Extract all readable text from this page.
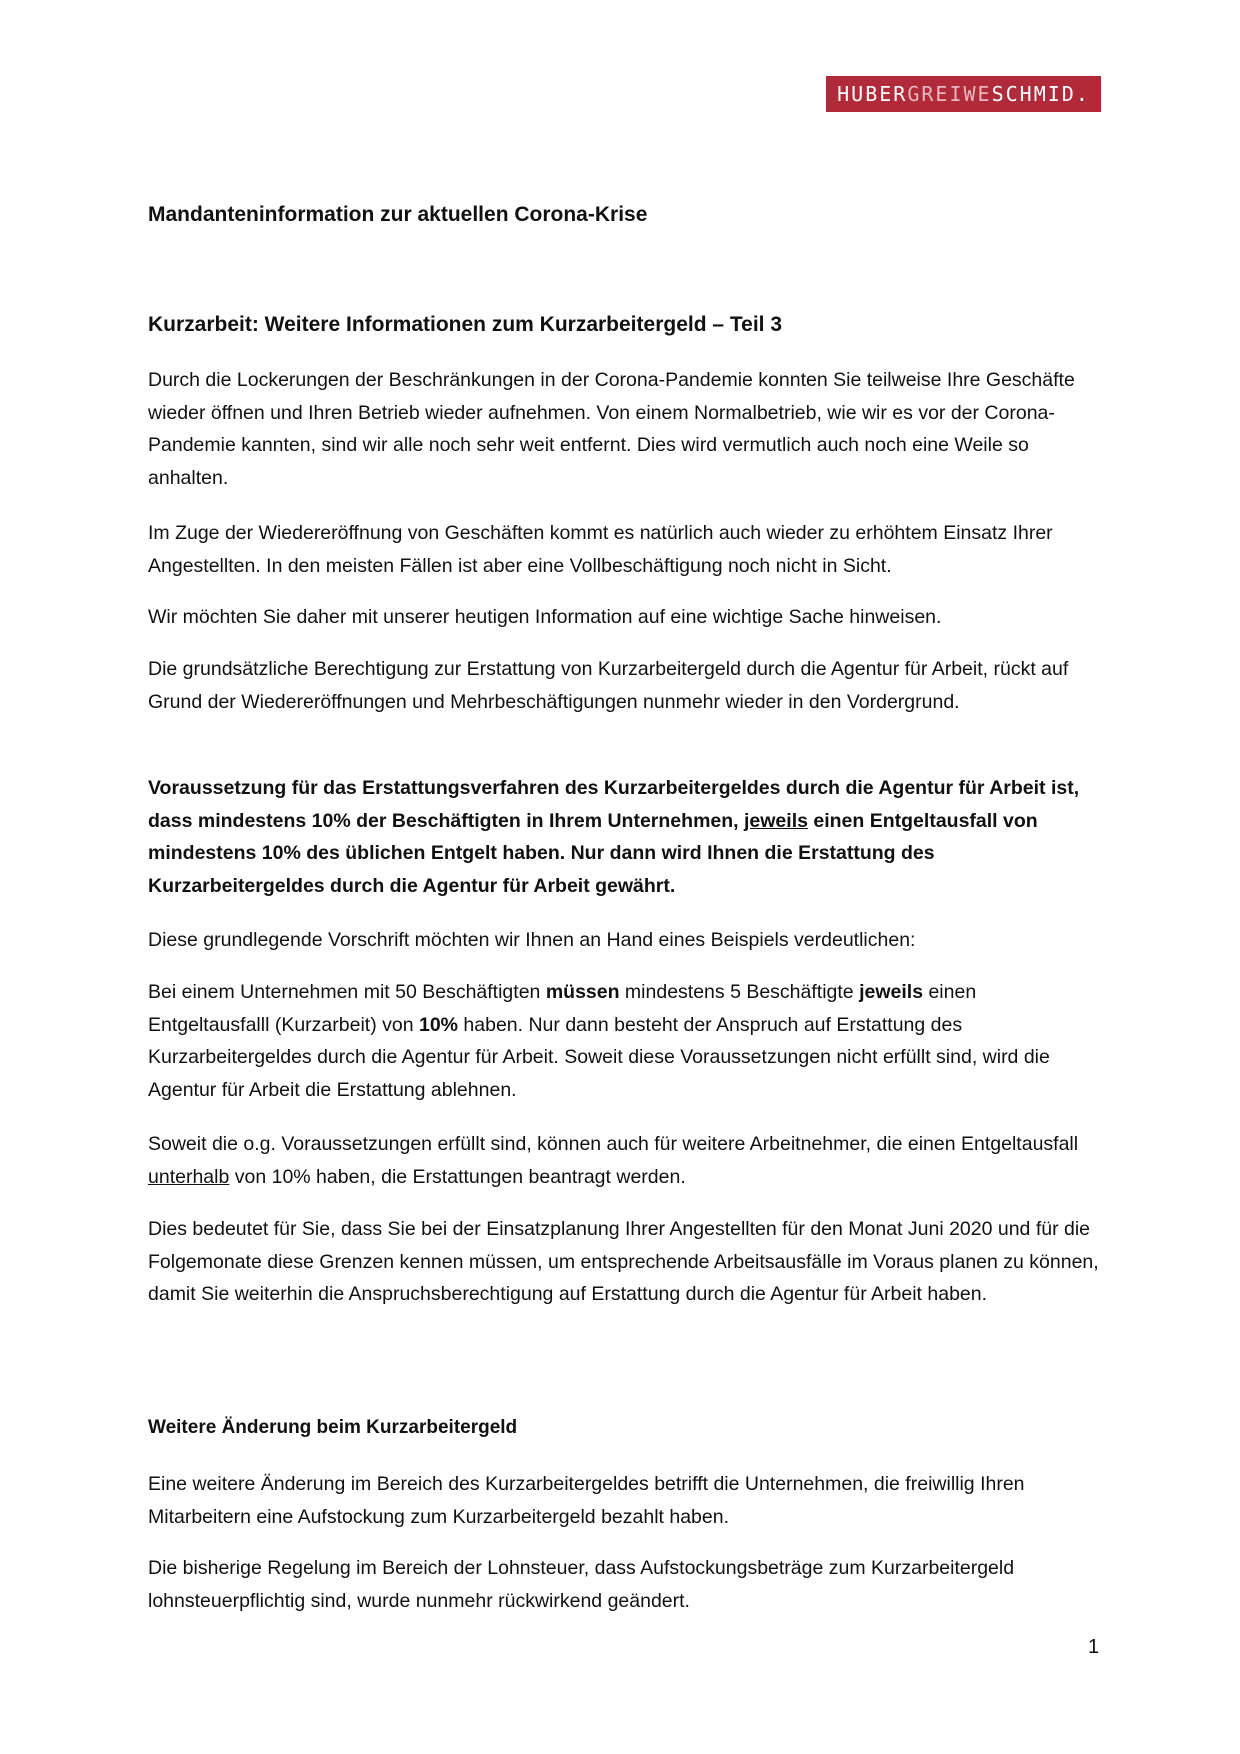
HUBER GREIWE SCHMID .
Mandanteninformation zur aktuellen Corona-Krise
Kurzarbeit: Weitere Informationen zum Kurzarbeitergeld – Teil 3

Durch die Lockerungen der Beschränkungen in der Corona-Pandemie konnten Sie teilweise Ihre Geschäfte wieder öffnen und Ihren Betrieb wieder aufnehmen. Von einem Normalbetrieb, wie wir es vor der Corona-Pandemie kannten, sind wir alle noch sehr weit entfernt. Dies wird vermutlich auch noch eine Weile so anhalten.

Im Zuge der Wiedereröffnung von Geschäften kommt es natürlich auch wieder zu erhöhtem Einsatz Ihrer Angestellten. In den meisten Fällen ist aber eine Vollbeschäftigung noch nicht in Sicht.

Wir möchten Sie daher mit unserer heutigen Information auf eine wichtige Sache hinweisen.

Die grundsätzliche Berechtigung zur Erstattung von Kurzarbeitergeld durch die Agentur für Arbeit, rückt auf Grund der Wiedereröffnungen und Mehrbeschäftigungen nunmehr wieder in den Vordergrund.

Voraussetzung für das Erstattungsverfahren des Kurzarbeitergeldes durch die Agentur für Arbeit ist, dass mindestens 10% der Beschäftigten in Ihrem Unternehmen, jeweils einen Entgeltausfall von mindestens 10% des üblichen Entgelt haben. Nur dann wird Ihnen die Erstattung des Kurzarbeitergeldes durch die Agentur für Arbeit gewährt.

Diese grundlegende Vorschrift möchten wir Ihnen an Hand eines Beispiels verdeutlichen:

Bei einem Unternehmen mit 50 Beschäftigten müssen mindestens 5 Beschäftigte jeweils einen Entgeltausfalll (Kurzarbeit) von 10% haben. Nur dann besteht der Anspruch auf Erstattung des Kurzarbeitergeldes durch die Agentur für Arbeit. Soweit diese Voraussetzungen nicht erfüllt sind, wird die Agentur für Arbeit die Erstattung ablehnen.

Soweit die o.g. Voraussetzungen erfüllt sind, können auch für weitere Arbeitnehmer, die einen Entgeltausfall unterhalb von 10% haben, die Erstattungen beantragt werden.

Dies bedeutet für Sie, dass Sie bei der Einsatzplanung Ihrer Angestellten für den Monat Juni 2020 und für die Folgemonate diese Grenzen kennen müssen, um entsprechende Arbeitsausfälle im Voraus planen zu können, damit Sie weiterhin die Anspruchsberechtigung auf Erstattung durch die Agentur für Arbeit haben.

Weitere Änderung beim Kurzarbeitergeld

Eine weitere Änderung im Bereich des Kurzarbeitergeldes betrifft die Unternehmen, die freiwillig Ihren Mitarbeitern eine Aufstockung zum Kurzarbeitergeld bezahlt haben.

Die bisherige Regelung im Bereich der Lohnsteuer, dass Aufstockungsbeträge zum Kurzarbeitergeld lohnsteuerpflichtig sind, wurde nunmehr rückwirkend geändert.

1
